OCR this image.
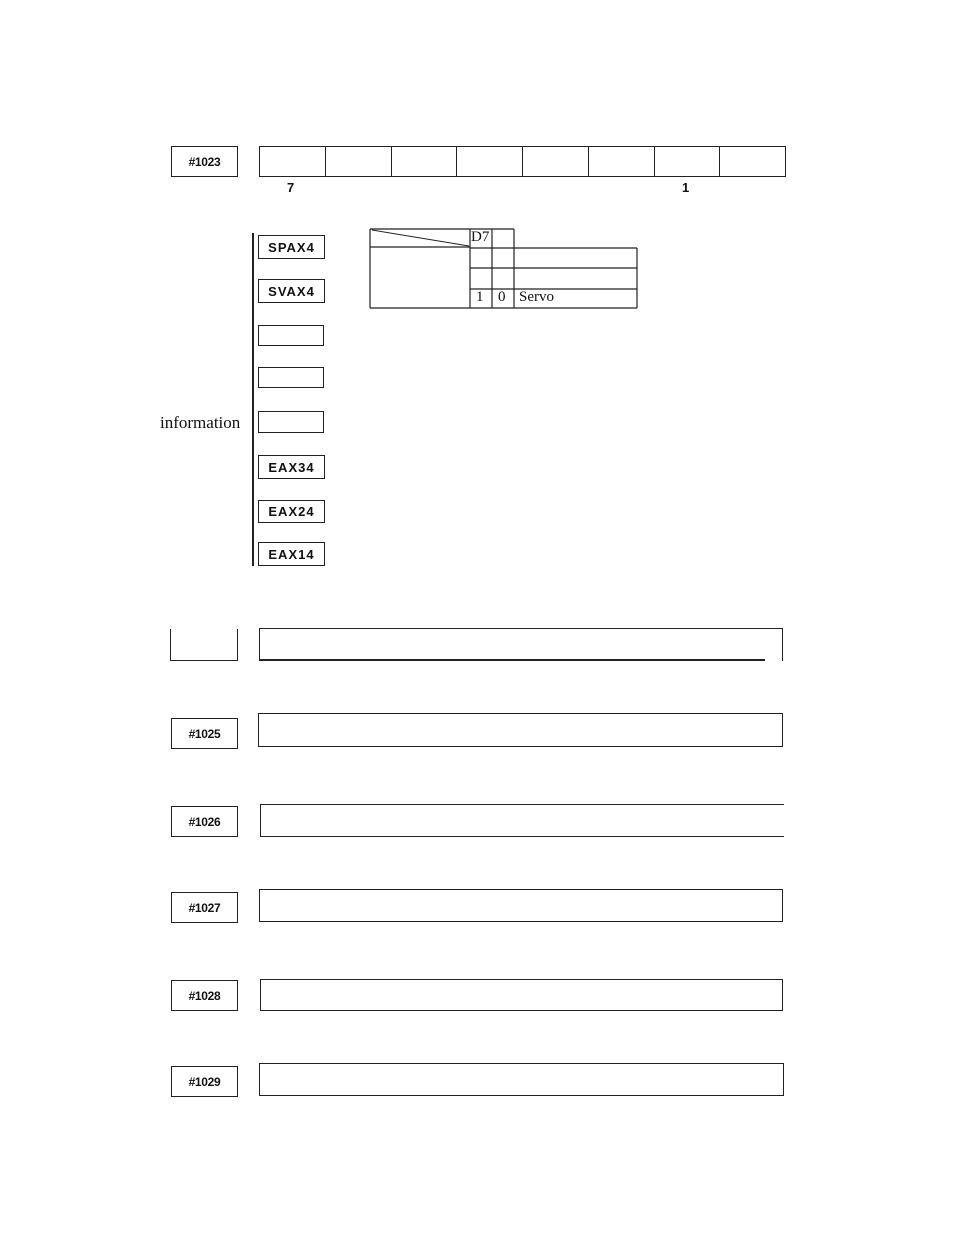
#1023
7	1
information
SPAX4
SVAX4
EAX34
EAX24
EAX14
D7
1 0 Servo
#1025
#1026
#1027
#1028
#1029
